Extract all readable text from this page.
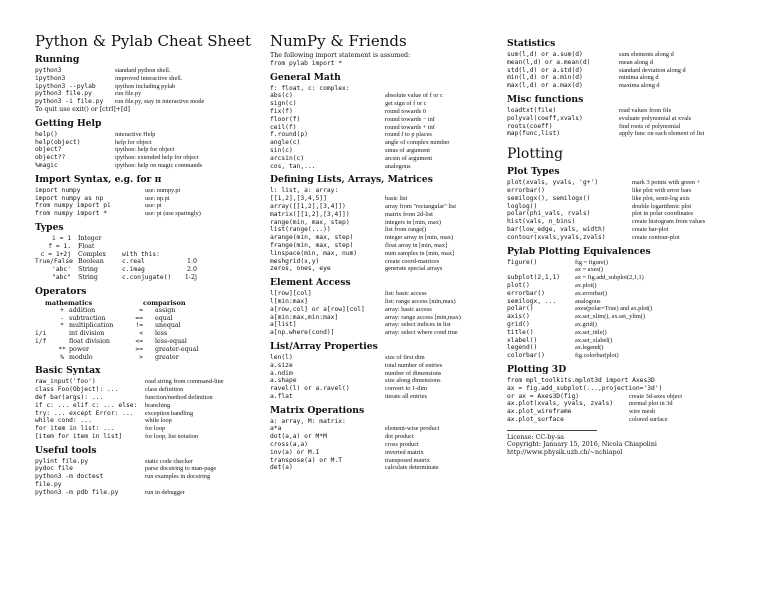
Python & Pylab Cheat Sheet
Running
python3	standard python shell.
ipython3	improved interactive shell.
ipython3 --pylab	ipython including pylab
python3 file.py	run file.py
python3 -i file.py	run file.py, stay in interactive mode
To quit use exit() or [ctrl]+[d]
Getting Help
help()	interactive Help
help(object)	help for object
object?	ipython: help for object
object??	ipython: extended help for object
%magic	ipython: help on magic commands
Import Syntax, e.g. for π
import numpy	use: numpy.pi
import numpy as np	use: np.pi
from numpy import pi	use: pi
from numpy import *	use: pi (use sparingly)
Types
i = 1 Integer
f = 1. Float
c = 1+2j Complex	with this:
True/False Boolean	c.real	1.0
'abc' String	c.imag	2.0
"abc" String	c.conjugate()	1-2j
Operators
mathematics	comparison
+ addition	= assign
- subtraction	== equal
* multiplication	!= unequal
i/i	int division	< less
i/f	float division	<= less-equal
** power	>= greater-equal
% modulo	> greater
Basic Syntax
raw_input('foo')	read string from command-line
class Foo(Object): ...	class definition
def bar(args): ...	function/method definition
if c: ... elif c: ... else:	branching
try: ... except Error: ...	exception handling
while cond: ...	while loop
for item in list: ...	for loop
[item for item in list]	for loop, list notation
Useful tools
pylint file.py	static code checker
pydoc file	parse docstring to man-page
python3 -m doctest	run examples in docstring
file.py
python3 -m pdb file.py	run in debugger
NumPy & Friends
The following import statement is assumed:
from pylab import *
General Math
f: float, c: complex:
abs(c)	absolute value of f or c
sign(c)	get sign of f or c
fix(f)	round towards 0
floor(f)	round towards − inf
ceil(f)	round towards + inf
f.round(p)	round f to p places
angle(c)	angle of complex number
sin(c)	sinus of argument
arcsin(c)	arcsin of argument
cos, tan,...	analogous
Defining Lists, Arrays, Matrices
l: list, a: array:
[[1,2],[3,4,5]]	basic list
array([[1,2],[3,4]])	array from "rectangular" list
matrix([[1,2],[3,4]])	matrix from 2d-list
range(min, max, step)	integers in [min, max)
list(range(...))	list from range()
arange(min, max, step)	integer array in [min, max)
frange(min, max, step)	float array in [min, max]
linspace(min, max, num)	num samples in [min, max]
meshgrid(x,y)	create coord-matrices
zeros, ones, eye	generate special arrays
Element Access
l[row][col]	list: basic access
l[min:max]	list: range access [min,max)
a[row,col] or a[row][col]	array: basic access
a[min:max,min:max]	array: range access [min,max)
a[list]	array: select indices in list
a[np.where(cond)]	array: select where cond true
List/Array Properties
len(l)	size of first dim
a.size	total number of entries
a.ndim	number of dimensions
a.shape	size along dimensions
ravel(l) or a.ravel()	convert to 1-dim
a.flat	iterate all entries
Matrix Operations
a: array, M: matrix:
a*a	element-wise product
dot(a,a) or M*M	dot product
cross(a,a)	cross product
inv(a) or M.I	inverted matrix
transpose(a) or M.T	transposed matrix
det(a)	calculate determinate
Statistics
sum(l,d) or a.sum(d)	sum elements along d
mean(l,d) or a.mean(d)	mean along d
std(l,d) or a.std(d)	standard deviation along d
min(l,d) or a.min(d)	minima along d
max(l,d) or a.max(d)	maxima along d
Misc functions
loadtxt(file)	read values from file
polyval(coeff,xvals)	evaluate polynomial at xvals
roots(coeff)	find roots of polynomial
map(func,list)	apply func on each element of list
Plotting
Plot Types
plot(xvals, yvals, 'g+')	mark 3 points with green +
errorbar()	like plot with error bars
semilogx(), semilogx()	like plot, semi-log axis
loglog()	double logarithmic plot
polar(phi_vals, rvals)	plot in polar coordinates
hist(vals, n_bins)	create histogram from values
bar(low_edge, vals, width)	create bar-plot
contour(xvals,yvals,zvals)	create contour-plot
Pylab Plotting Equivalences
figure()	fig = figure()
ax = axes()
subplot(2,1,1)	ax = fig.add_subplot(2,1,1)
plot()	ax.plot()
errorbar()	ax.errorbar()
semilogx, ...	analogous
polar()	axes(polar=True) and ax.plot()
axis()	ax.set_xlim(), ax.set_ylim()
grid()	ax.grid()
title()	ax.set_title()
xlabel()	ax.set_xlabel()
legend()	ax.legend()
colorbar()	fig.colorbar(plot)
Plotting 3D
from mpl_toolkits.mplot3d import Axes3D
ax = fig.add_subplot(...,projection='3d')
or ax = Axes3D(fig)	create 3d-axes object
ax.plot(xvals, yvals, zvals)	normal plot in 3d
ax.plot_wireframe	wire mesh
ax.plot_surface	colored surface
License: CC-by-sa
Copyright: January 15, 2016, Nicola Chiapolini
http://www.physik.uzh.ch/~nchiapol
